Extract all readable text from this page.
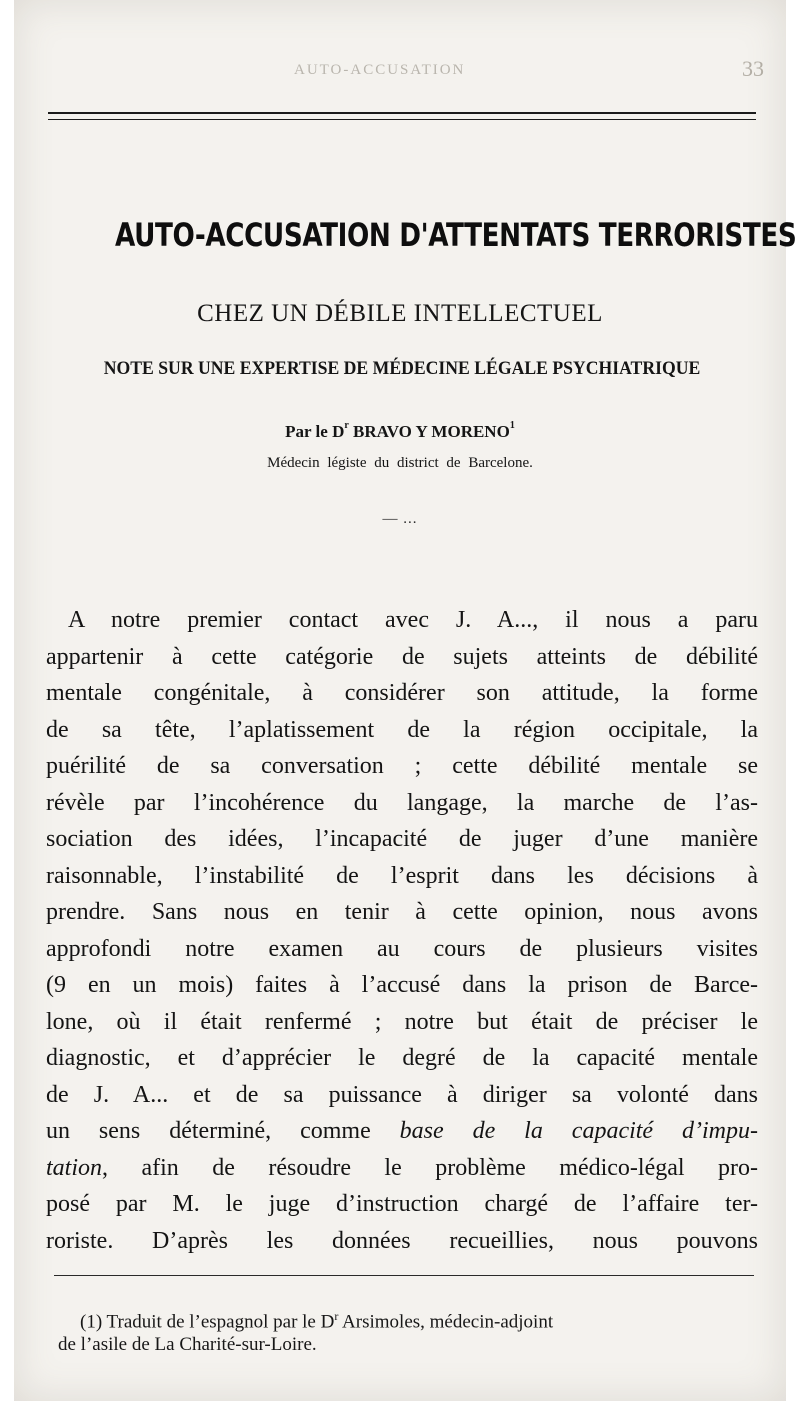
AUTO-ACCUSATION	33
AUTO-ACCUSATION D'ATTENTATS TERRORISTES
CHEZ UN DÉBILE INTELLECTUEL
NOTE SUR UNE EXPERTISE DE MÉDECINE LÉGALE PSYCHIATRIQUE
Par le $D^r$ BRAVO Y MORENO$^1$
Médecin légiste du district de Barcelone.
— ...
A notre premier contact avec J. A..., il nous a paru
appartenir à cette catégorie de sujets atteints de débilité
mentale congénitale, à considérer son attitude, la forme
de sa tête, l’aplatissement de la région occipitale, la
puérilité de sa conversation ; cette débilité mentale se
révèle par l’incohérence du langage, la marche de l’as-
sociation des idées, l’incapacité de juger d’une manière
raisonnable, l’instabilité de l’esprit dans les décisions à
prendre. Sans nous en tenir à cette opinion, nous avons
approfondi notre examen au cours de plusieurs visites
(9 en un mois) faites à l’accusé dans la prison de Barce-
lone, où il était renfermé ; notre but était de préciser le
diagnostic, et d’apprécier le degré de la capacité mentale
de J. A... et de sa puissance à diriger sa volonté dans
un sens déterminé, comme base de la capacité d’impu-
tation, afin de résoudre le problème médico-légal pro-
posé par M. le juge d’instruction chargé de l’affaire ter-
roriste. D’après les données recueillies, nous pouvons
(1) Traduit de l’espagnol par le $D^r$ Arsimoles, médecin-adjoint
de l’asile de La Charité-sur-Loire.
